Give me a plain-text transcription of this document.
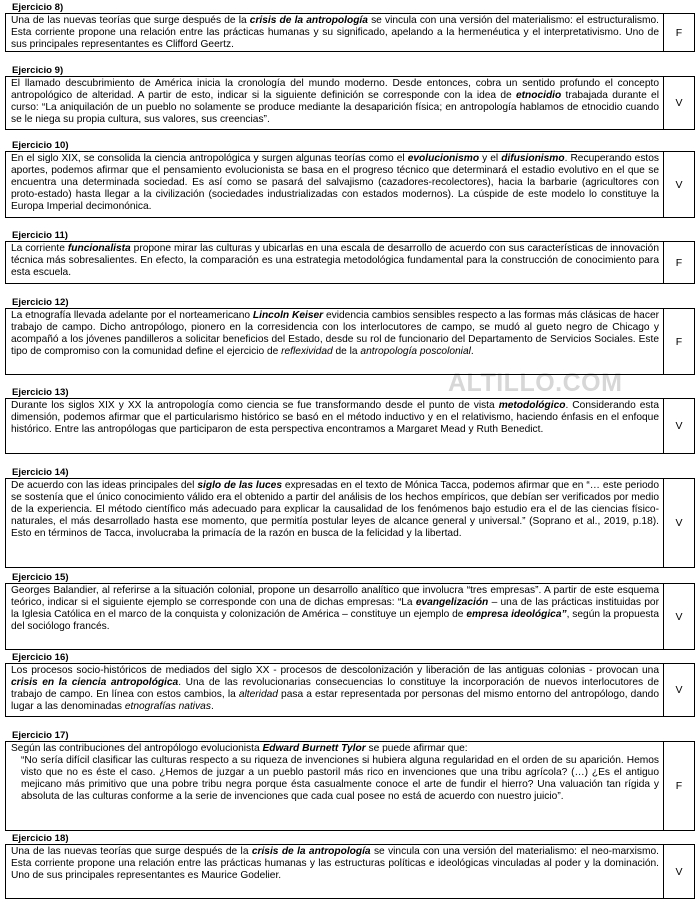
ALTILLO.COM
Ejercicio 8)

Una de las nuevas teorías que surge después de la crisis de la antropología se vincula con una versión del materialismo: el estructuralismo. Esta corriente propone una relación entre las prácticas humanas y su significado, apelando a la hermenéutica y el interpretativismo. Uno de sus principales representantes es Clifford Geertz.

F
Ejercicio 9)

El llamado descubrimiento de América inicia la cronología del mundo moderno. Desde entonces, cobra un sentido profundo el concepto antropológico de alteridad. A partir de esto, indicar si la siguiente definición se corresponde con la idea de etnocidio trabajada durante el curso: “La aniquilación de un pueblo no solamente se produce mediante la desaparición física; en antropología hablamos de etnocidio cuando se le niega su propia cultura, sus valores, sus creencias”.

V
Ejercicio 10)

En el siglo XIX, se consolida la ciencia antropológica y surgen algunas teorías como el evolucionismo y el difusionismo. Recuperando estos aportes, podemos afirmar que el pensamiento evolucionista se basa en el progreso técnico que determinará el estadio evolutivo en el que se encuentra una determinada sociedad. Es así como se pasará del salvajismo (cazadores-recolectores), hacia la barbarie (agricultores con proto-estado) hasta llegar a la civilización (sociedades industrializadas con estados modernos). La cúspide de este modelo lo constituye la Europa Imperial decimonónica.

V
Ejercicio 11)

La corriente funcionalista propone mirar las culturas y ubicarlas en una escala de desarrollo de acuerdo con sus características de innovación técnica más sobresalientes. En efecto, la comparación es una estrategia metodológica fundamental para la construcción de conocimiento para esta escuela.

F
Ejercicio 12)

La etnografía llevada adelante por el norteamericano Lincoln Keiser evidencia cambios sensibles respecto a las formas más clásicas de hacer trabajo de campo. Dicho antropólogo, pionero en la corresidencia con los interlocutores de campo, se mudó al gueto negro de Chicago y acompañó a los jóvenes pandilleros a solicitar beneficios del Estado, desde su rol de funcionario del Departamento de Servicios Sociales. Este tipo de compromiso con la comunidad define el ejercicio de reflexividad de la antropología poscolonial.

F
Ejercicio 13)

Durante los siglos XIX y XX la antropología como ciencia se fue transformando desde el punto de vista metodológico. Considerando esta dimensión, podemos afirmar que el particularismo histórico se basó en el método inductivo y en el relativismo, haciendo énfasis en el enfoque histórico. Entre las antropólogas que participaron de esta perspectiva encontramos a Margaret Mead y Ruth Benedict.	V
Ejercicio 14)

De acuerdo con las ideas principales del siglo de las luces expresadas en el texto de Mónica Tacca, podemos afirmar que en “… este periodo se sostenía que el único conocimiento válido era el obtenido a partir del análisis de los hechos empíricos, que debían ser verificados por medio de la experiencia. El método científico más adecuado para explicar la causalidad de los fenómenos bajo estudio era el de las ciencias físico-naturales, el más desarrollado hasta ese momento, que permitía postular leyes de alcance general y universal.” (Soprano et al., 2019, p.18). Esto en términos de Tacca, involucraba la primacía de la razón en busca de la felicidad y la libertad.

V
Ejercicio 15)

Georges Balandier, al referirse a la situación colonial, propone un desarrollo analítico que involucra “tres empresas”. A partir de este esquema teórico, indicar si el siguiente ejemplo se corresponde con una de dichas empresas: “La evangelización – una de las prácticas instituidas por la Iglesia Católica en el marco de la conquista y colonización de América – constituye un ejemplo de empresa ideológica”, según la propuesta del sociólogo francés.

V
Ejercicio 16)

Los procesos socio-históricos de mediados del siglo XX - procesos de descolonización y liberación de las antiguas colonias - provocan una crisis en la ciencia antropológica. Una de las revolucionarias consecuencias lo constituye la incorporación de nuevos interlocutores de trabajo de campo. En línea con estos cambios, la alteridad pasa a estar representada por personas del mismo entorno del antropólogo, dando lugar a las denominadas etnografías nativas.

V
Ejercicio 17)

Según las contribuciones del antropólogo evolucionista Edward Burnett Tylor se puede afirmar que:

“No sería difícil clasificar las culturas respecto a su riqueza de invenciones si hubiera alguna regularidad en el orden de su aparición. Hemos visto que no es éste el caso. ¿Hemos de juzgar a un pueblo pastoril más rico en invenciones que una tribu agrícola? (…) ¿Es el antiguo mejicano más primitivo que una pobre tribu negra porque ésta casualmente conoce el arte de fundir el hierro? Una valuación tan rígida y absoluta de las culturas conforme a la serie de invenciones que cada cual posee no está de acuerdo con nuestro juicio”.

F
Ejercicio 18)

Una de las nuevas teorías que surge después de la crisis de la antropología se vincula con una versión del materialismo: el neo-marxismo. Esta corriente propone una relación entre las prácticas humanas y las estructuras políticas e ideológicas vinculadas al poder y la dominación. Uno de sus principales representantes es Maurice Godelier.	V
